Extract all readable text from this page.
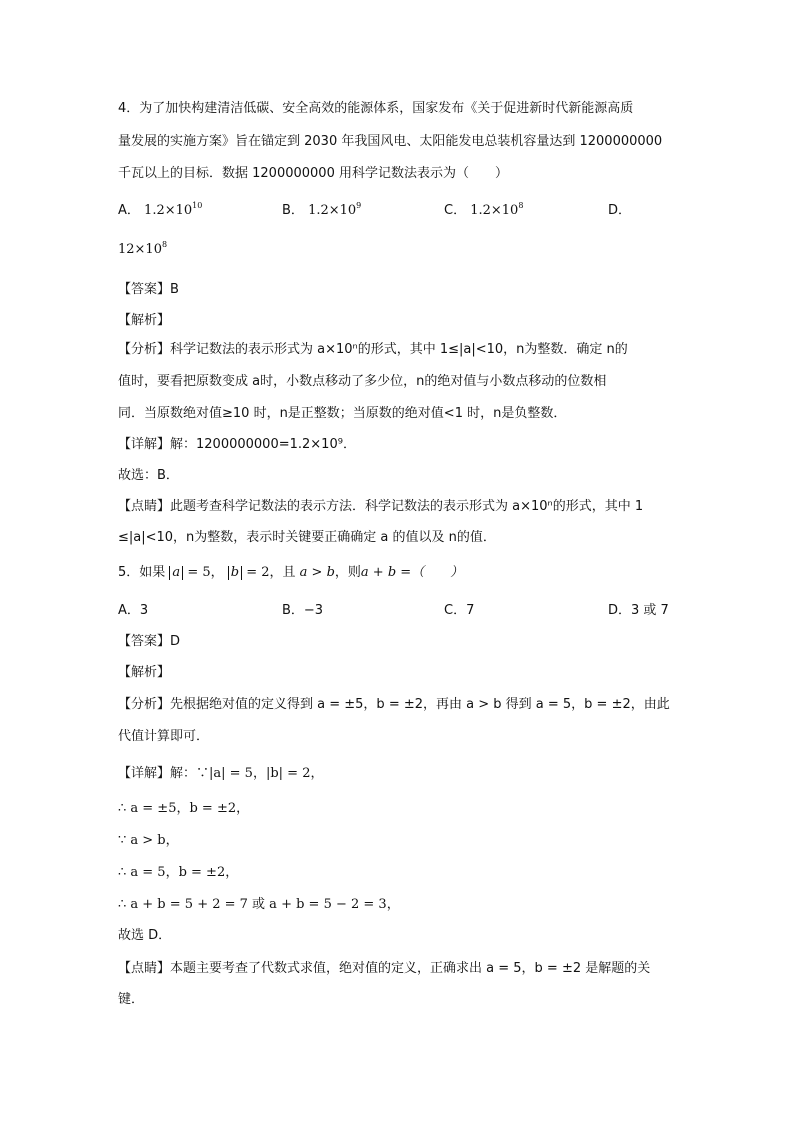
4．为了加快构建清洁低碳、安全高效的能源体系，国家发布《关于促进新时代新能源高质
量发展的实施方案》旨在锚定到 2030 年我国风电、太阳能发电总装机容量达到 1200000000
千瓦以上的目标．数据 1200000000 用科学记数法表示为（　　）
A． $1.2\times 10^{10}$	B． $1.2\times 10^9$	C． $1.2\times 10^8$	D．
$12\times 10^8$
【答案】B
【解析】
【分析】科学记数法的表示形式为 a×10ⁿ的形式，其中 1≤|a|<10，n为整数．确定 n的
值时，要看把原数变成 a时，小数点移动了多少位，n的绝对值与小数点移动的位数相
同．当原数绝对值≥10 时，n是正整数；当原数的绝对值<1 时，n是负整数．
【详解】解：1200000000=1.2×10⁹．
故选：B．
【点睛】此题考查科学记数法的表示方法．科学记数法的表示形式为 a×10ⁿ的形式，其中 1
≤|a|<10，n为整数，表示时关键要正确确定 a 的值以及 n的值．
5．如果 a = 5， b = 2，且 a > b，则a + b =（　　）
A．3	B．−3	C．7	D．3 或 7
【答案】D
【解析】
【分析】先根据绝对值的定义得到 a = ±5，b = ±2，再由 a > b 得到 a = 5，b = ±2，由此
代值计算即可．
【详解】解：∵|a| = 5，|b| = 2，
∴ a = ±5，b = ±2，
∵ a > b，
∴ a = 5，b = ±2，
∴ a + b = 5 + 2 = 7 或 a + b = 5 − 2 = 3，
故选 D．
【点睛】本题主要考查了代数式求值，绝对值的定义，正确求出 a = 5，b = ±2 是解题的关
键．
